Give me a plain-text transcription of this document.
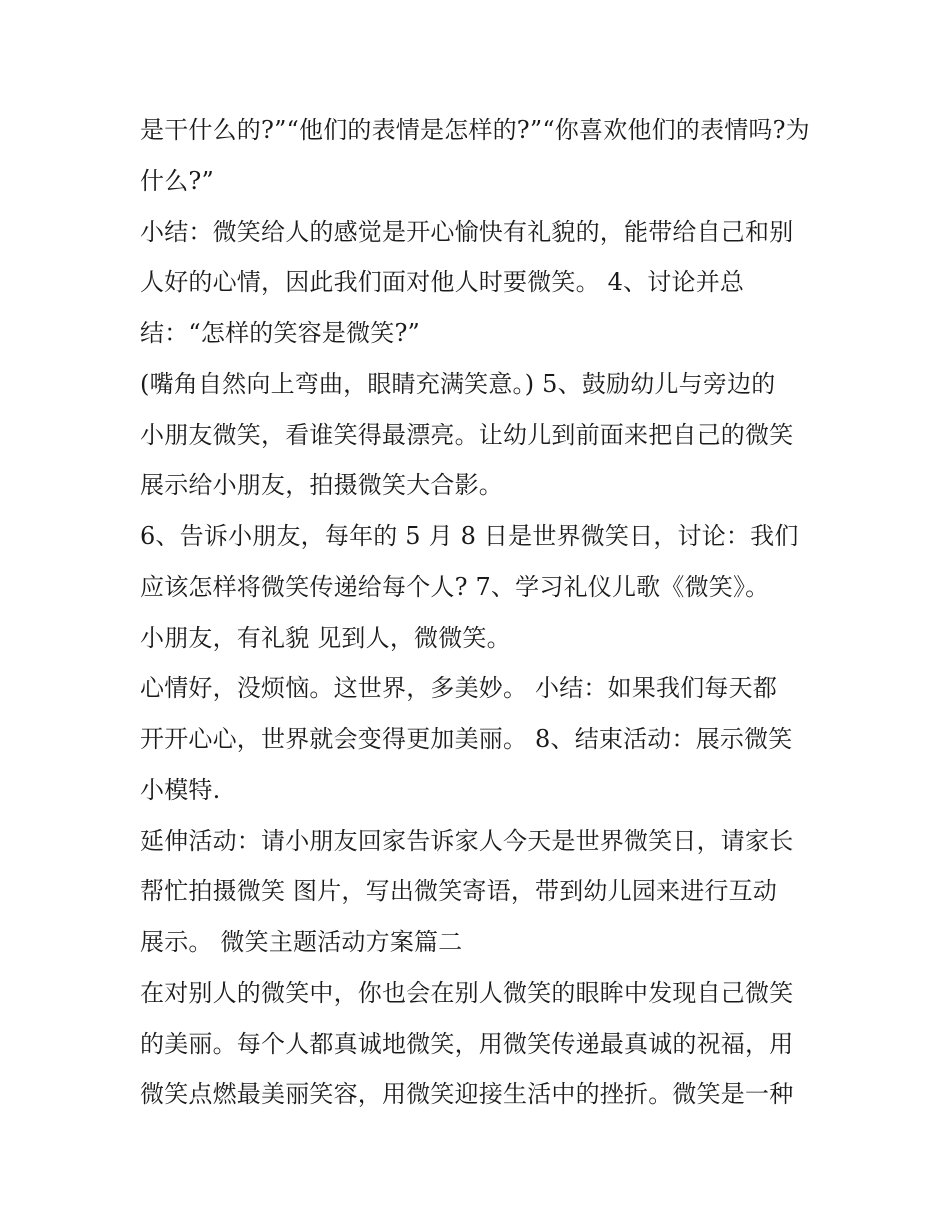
是干什么的?”“他们的表情是怎样的?”“你喜欢他们的表情吗?为
什么?”
小结：微笑给人的感觉是开心愉快有礼貌的，能带给自己和别
人好的心情，因此我们面对他人时要微笑。 4、讨论并总
结：“怎样的笑容是微笑?”
(嘴角自然向上弯曲，眼睛充满笑意。) 5、鼓励幼儿与旁边的
小朋友微笑，看谁笑得最漂亮。让幼儿到前面来把自己的微笑
展示给小朋友，拍摄微笑大合影。
6、告诉小朋友，每年的 5 月 8 日是世界微笑日，讨论：我们
应该怎样将微笑传递给每个人? 7、学习礼仪儿歌《微笑》。
小朋友，有礼貌 见到人，微微笑。
心情好，没烦恼。这世界，多美妙。 小结：如果我们每天都
开开心心，世界就会变得更加美丽。 8、结束活动：展示微笑
小模特.
延伸活动：请小朋友回家告诉家人今天是世界微笑日，请家长
帮忙拍摄微笑 图片，写出微笑寄语，带到幼儿园来进行互动
展示。 微笑主题活动方案篇二
在对别人的微笑中，你也会在别人微笑的眼眸中发现自己微笑
的美丽。每个人都真诚地微笑，用微笑传递最真诚的祝福，用
微笑点燃最美丽笑容，用微笑迎接生活中的挫折。微笑是一种
